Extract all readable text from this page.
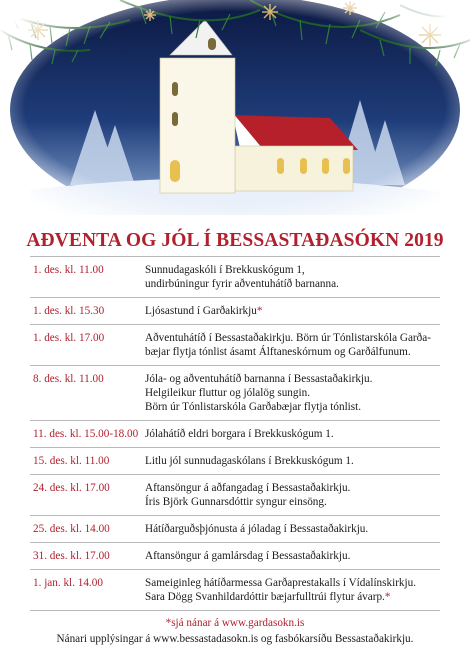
AÐVENTA OG JÓL Í BESSASTAÐASÓKN 2019
1. des. kl. 11.00	Sunnudagaskóli í Brekkuskógum 1,
undirbúningur fyrir aðventuhátíð barnanna.
1. des. kl. 15.30	Ljósastund í Garðakirkju*
1. des. kl. 17.00	Aðventuhátíð í Bessastaðakirkju. Börn úr Tónlistarskóla Garða-
bæjar flytja tónlist ásamt Álftaneskórnum og Garðálfunum.
8. des. kl. 11.00	Jóla- og aðventuhátíð barnanna í Bessastaðakirkju.
Helgileikur fluttur og jólalög sungin.
Börn úr Tónlistarskóla Garðabæjar flytja tónlist.
11. des. kl. 15.00-18.00 Jólahátíð eldri borgara í Brekkuskógum 1.
15. des. kl. 11.00	Litlu jól sunnudagaskólans í Brekkuskógum 1.
24. des. kl. 17.00	Aftansöngur á aðfangadag í Bessastaðakirkju.
Íris Björk Gunnarsdóttir syngur einsöng.
25. des. kl. 14.00	Hátíðarguðsþjónusta á jóladag í Bessastaðakirkju.
31. des. kl. 17.00	Aftansöngur á gamlársdag í Bessastaðakirkju.
1. jan. kl. 14.00	Sameiginleg hátíðarmessa Garðaprestakalls í Vídalínskirkju.
Sara Dögg Svanhildardóttir bæjarfulltrúi flytur ávarp.*
*sjá nánar á www.gardasokn.is
Nánari upplýsingar á www.bessastadasokn.is og fasbókarsíðu Bessastaðakirkju.
